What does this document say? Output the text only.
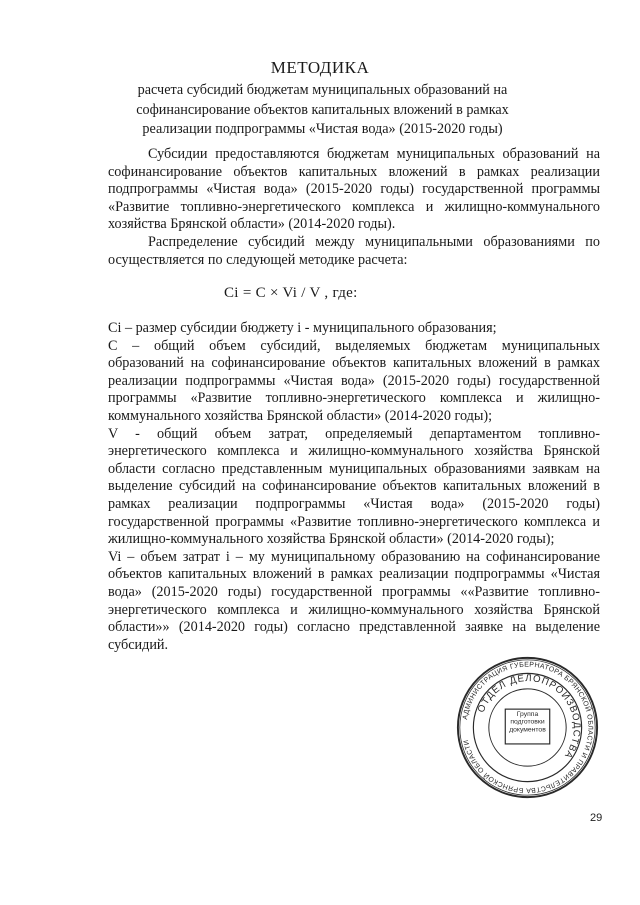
МЕТОДИКА
расчета субсидий бюджетам муниципальных образований на софинансирование объектов капитальных вложений в рамках реализации подпрограммы «Чистая вода» (2015-2020 годы)

Субсидии предоставляются бюджетам муниципальных образований на софинансирование объектов капитальных вложений в рамках реализации подпрограммы «Чистая вода» (2015-2020 годы) государственной программы «Развитие топливно-энергетического комплекса и жилищно-коммунального хозяйства Брянской области» (2014-2020 годы).

Распределение субсидий между муниципальными образованиями по осуществляется по следующей методике расчета:

Ci = C × Vi / V , где:

Ci – размер субсидии бюджету i - муниципального образования;

С – общий объем субсидий, выделяемых бюджетам муниципальных образований на софинансирование объектов капитальных вложений в рамках реализации подпрограммы «Чистая вода» (2015-2020 годы) государственной программы «Развитие топливно-энергетического комплекса и жилищно-коммунального хозяйства Брянской области» (2014-2020 годы);

V - общий объем затрат, определяемый департаментом топливно-энергетического комплекса и жилищно-коммунального хозяйства Брянской области согласно представленным муниципальных образованиями заявкам на выделение субсидий на софинансирование объектов капитальных вложений в рамках реализации подпрограммы «Чистая вода» (2015-2020 годы) государственной программы «Развитие топливно-энергетического комплекса и жилищно-коммунального хозяйства Брянской области» (2014-2020 годы);

Vi – объем затрат i – му муниципальному образованию на софинансирование объектов капитальных вложений в рамках реализации подпрограммы «Чистая вода» (2015-2020 годы) государственной программы ««Развитие топливно-энергетического комплекса и жилищно-коммунального хозяйства Брянской области»» (2014-2020 годы) согласно представленной заявке на выделение субсидий.

АДМИНИСТРАЦИЯ ГУБЕРНАТОРА БРЯНСКОЙ ОБЛАСТИ И ПРАВИТЕЛЬСТВА БРЯНСКОЙ ОБЛАСТИ
ОТДЕЛ ДЕЛОПРОИЗВОДСТВА
Группа подготовки документов
29
